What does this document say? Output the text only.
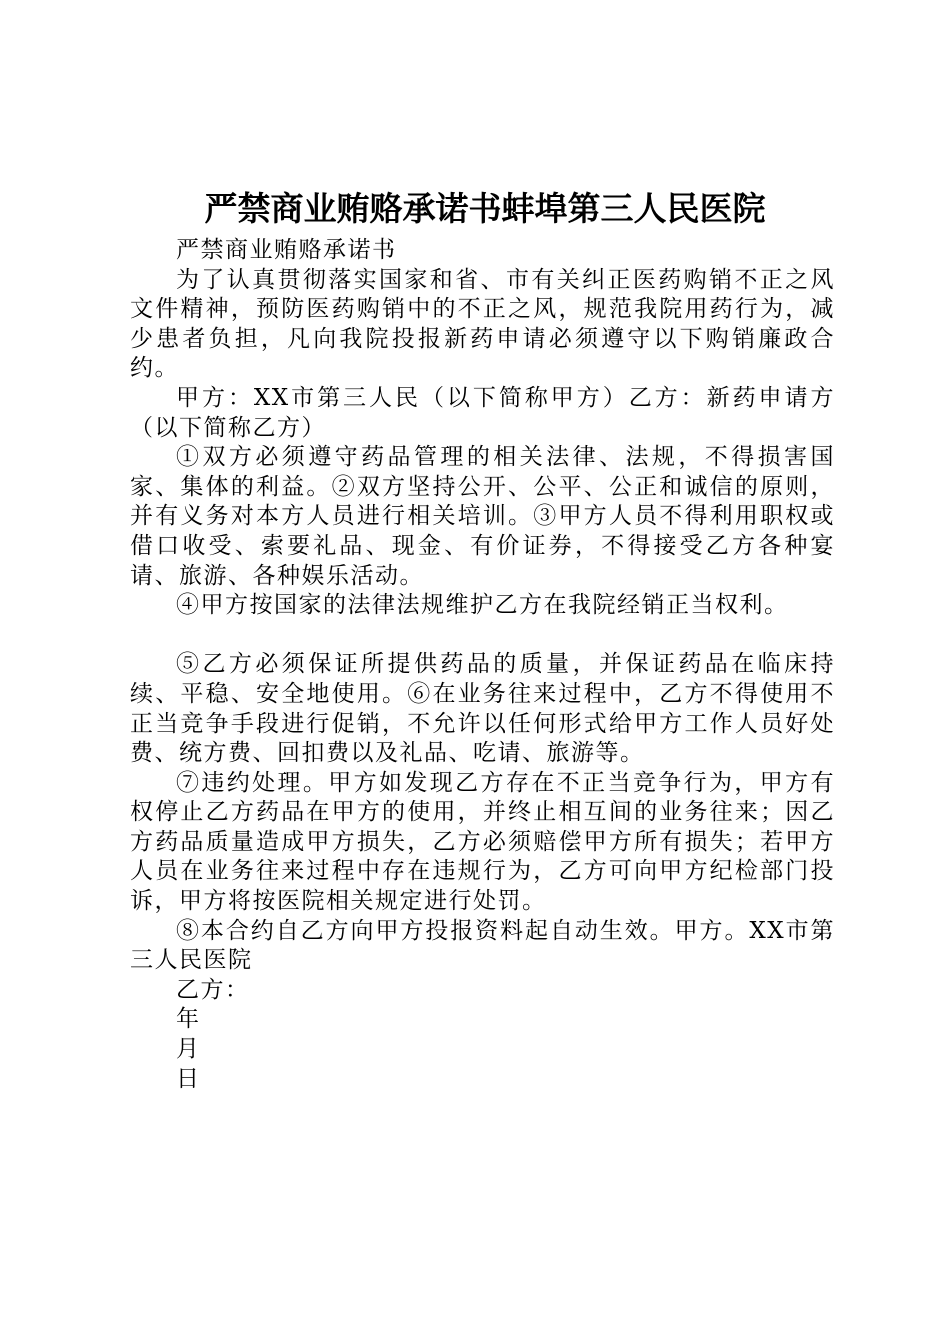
严禁商业贿赂承诺书蚌埠第三人民医院

严禁商业贿赂承诺书

为了认真贯彻落实国家和省、市有关纠正医药购销不正之风文件精神，预防医药购销中的不正之风，规范我院用药行为，减少患者负担，凡向我院投报新药申请必须遵守以下购销廉政合约。

甲方：XX市第三人民（以下简称甲方）乙方：新药申请方（以下简称乙方）

①双方必须遵守药品管理的相关法律、法规，不得损害国家、集体的利益。②双方坚持公开、公平、公正和诚信的原则，并有义务对本方人员进行相关培训。③甲方人员不得利用职权或借口收受、索要礼品、现金、有价证券，不得接受乙方各种宴请、旅游、各种娱乐活动。

④甲方按国家的法律法规维护乙方在我院经销正当权利。

⑤乙方必须保证所提供药品的质量，并保证药品在临床持续、平稳、安全地使用。⑥在业务往来过程中，乙方不得使用不正当竞争手段进行促销，不允许以任何形式给甲方工作人员好处费、统方费、回扣费以及礼品、吃请、旅游等。

⑦违约处理。甲方如发现乙方存在不正当竞争行为，甲方有权停止乙方药品在甲方的使用，并终止相互间的业务往来；因乙方药品质量造成甲方损失，乙方必须赔偿甲方所有损失；若甲方人员在业务往来过程中存在违规行为，乙方可向甲方纪检部门投诉，甲方将按医院相关规定进行处罚。

⑧本合约自乙方向甲方投报资料起自动生效。甲方。XX市第三人民医院

乙方：

年

月

日
